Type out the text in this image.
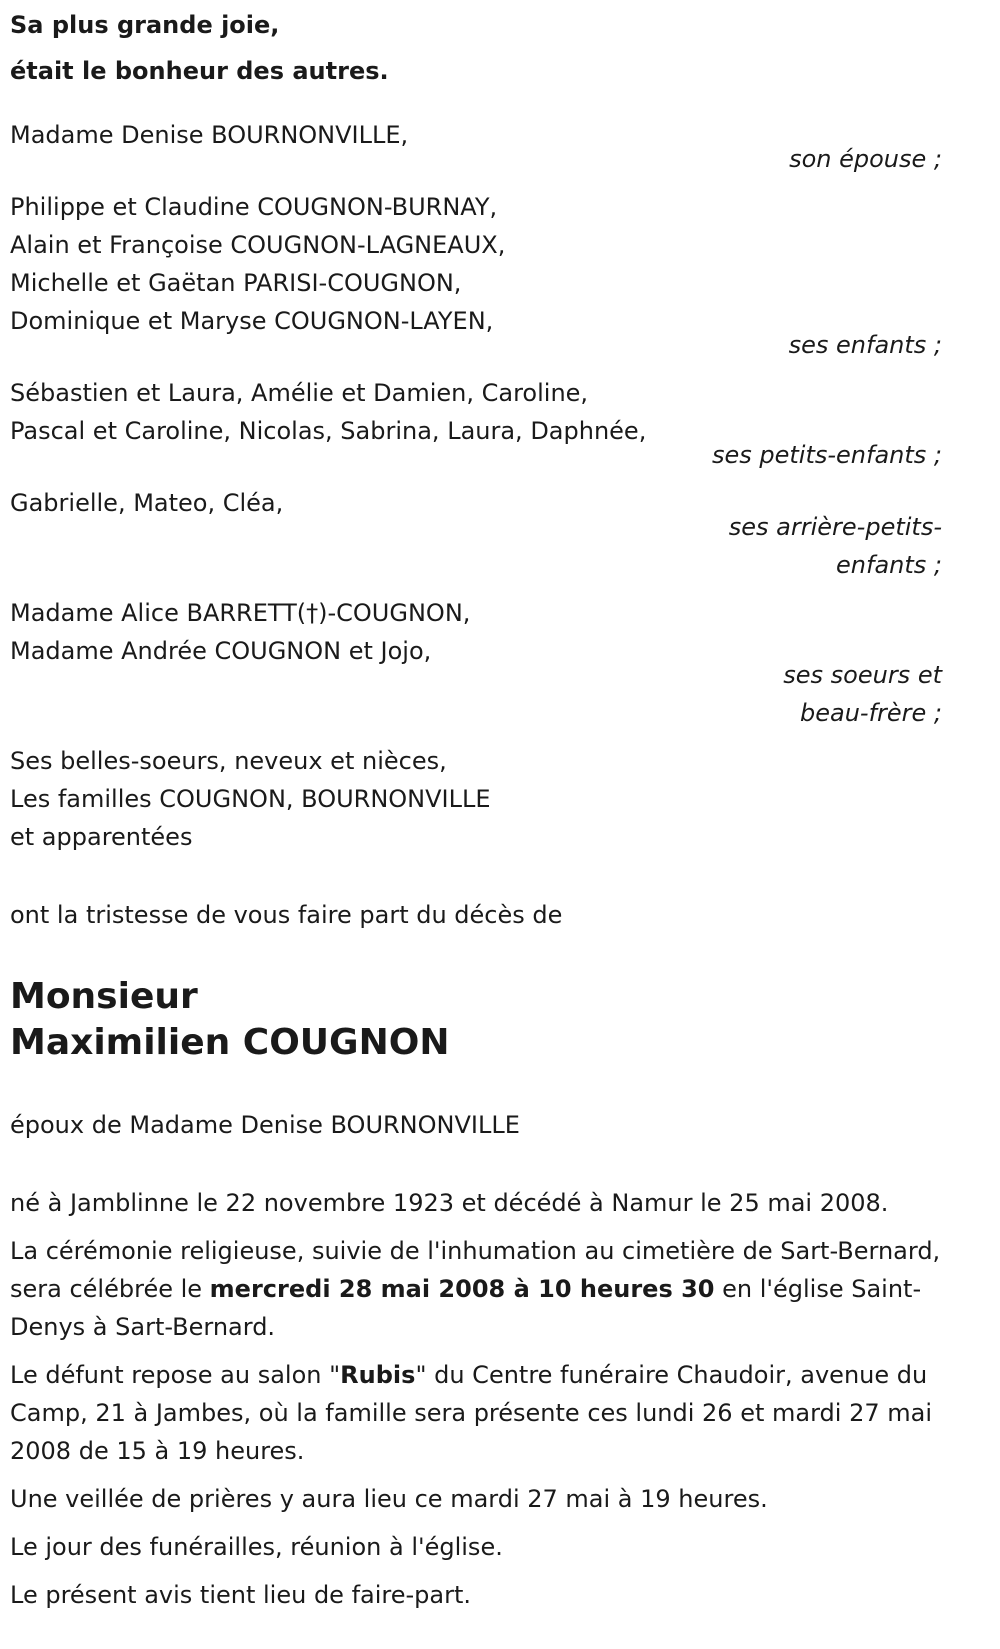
Sa plus grande joie,
était le bonheur des autres.
Madame Denise BOURNONVILLE,
son épouse ;
Philippe et Claudine COUGNON-BURNAY,
Alain et Françoise COUGNON-LAGNEAUX,
Michelle et Gaëtan PARISI-COUGNON,
Dominique et Maryse COUGNON-LAYEN,
ses enfants ;
Sébastien et Laura, Amélie et Damien, Caroline,
Pascal et Caroline, Nicolas, Sabrina, Laura, Daphnée,
ses petits-enfants ;
Gabrielle, Mateo, Cléa,
ses arrière-petits-
enfants ;
Madame Alice BARRETT(†)-COUGNON,
Madame Andrée COUGNON et Jojo,
ses soeurs et
beau-frère ;
Ses belles-soeurs, neveux et nièces,
Les familles COUGNON, BOURNONVILLE
et apparentées
ont la tristesse de vous faire part du décès de
Monsieur
Maximilien COUGNON
époux de Madame Denise BOURNONVILLE
né à Jamblinne le 22 novembre 1923 et décédé à Namur le 25 mai 2008.
La cérémonie religieuse, suivie de l'inhumation au cimetière de Sart-Bernard, sera célébrée le mercredi 28 mai 2008 à 10 heures 30 en l'église Saint-Denys à Sart-Bernard.
Le défunt repose au salon "Rubis" du Centre funéraire Chaudoir, avenue du Camp, 21 à Jambes, où la famille sera présente ces lundi 26 et mardi 27 mai 2008 de 15 à 19 heures.
Une veillée de prières y aura lieu ce mardi 27 mai à 19 heures.
Le jour des funérailles, réunion à l'église.
Le présent avis tient lieu de faire-part.
